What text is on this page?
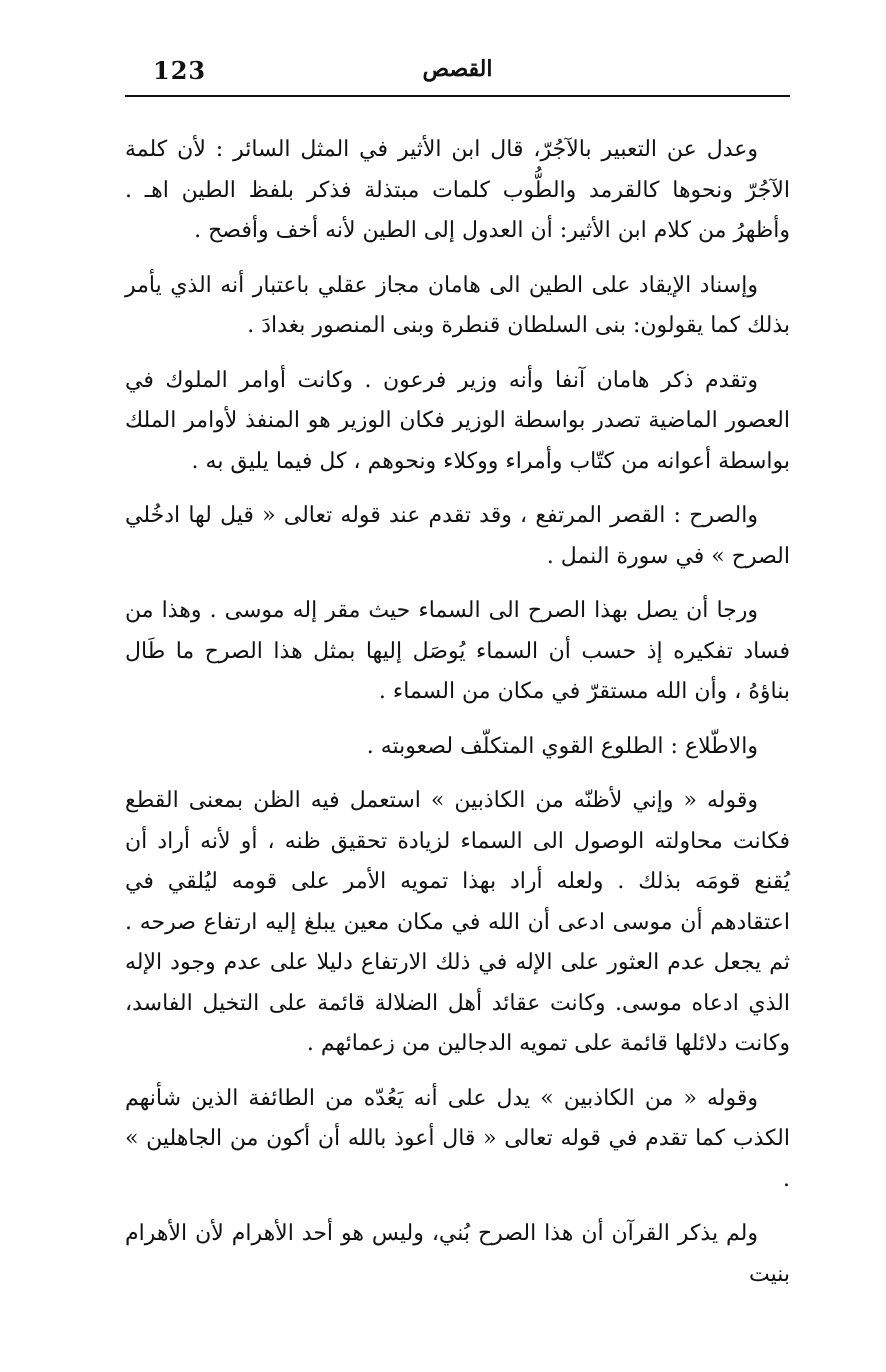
123	القصص

وعدل عن التعبير بالآجُرّ، قال ابن الأثير في المثل السائر : لأن كلمة الآجُرّ ونحوها كالقرمد والطُّوب كلمات مبتذلة فذكر بلفظ الطين اهـ . وأظهرُ من كلام ابن الأثير: أن العدول إلى الطين لأنه أخف وأفصح .

وإسناد الإيقاد على الطين الى هامان مجاز عقلي باعتبار أنه الذي يأمر بذلك كما يقولون: بنى السلطان قنطرة وبنى المنصور بغدادَ .

وتقدم ذكر هامان آنفا وأنه وزير فرعون . وكانت أوامر الملوك في العصور الماضية تصدر بواسطة الوزير فكان الوزير هو المنفذ لأوامر الملك بواسطة أعوانه من كتّاب وأمراء ووكلاء ونحوهم ، كل فيما يليق به .

والصرح : القصر المرتفع ، وقد تقدم عند قوله تعالى « قيل لها ادخُلي الصرح » في سورة النمل .

ورجا أن يصل بهذا الصرح الى السماء حيث مقر إله موسى . وهذا من فساد تفكيره إذ حسب أن السماء يُوصَل إليها بمثل هذا الصرح ما طَال بناؤهُ ، وأن الله مستقرّ في مكان من السماء .

والاطّلاع : الطلوع القوي المتكلّف لصعوبته .

وقوله « وإني لأظنّه من الكاذبين » استعمل فيه الظن بمعنى القطع فكانت محاولته الوصول الى السماء لزيادة تحقيق ظنه ، أو لأنه أراد أن يُقنع قومَه بذلك . ولعله أراد بهذا تمويه الأمر على قومه ليُلقي في اعتقادهم أن موسى ادعى أن الله في مكان معين يبلغ إليه ارتفاع صرحه . ثم يجعل عدم العثور على الإله في ذلك الارتفاع دليلا على عدم وجود الإله الذي ادعاه موسى. وكانت عقائد أهل الضلالة قائمة على التخيل الفاسد، وكانت دلائلها قائمة على تمويه الدجالين من زعمائهم .

وقوله « من الكاذبين » يدل على أنه يَعُدّه من الطائفة الذين شأنهم الكذب كما تقدم في قوله تعالى « قال أعوذ بالله أن أكون من الجاهلين » .

ولم يذكر القرآن أن هذا الصرح بُني، وليس هو أحد الأهرام لأن الأهرام بنيت
